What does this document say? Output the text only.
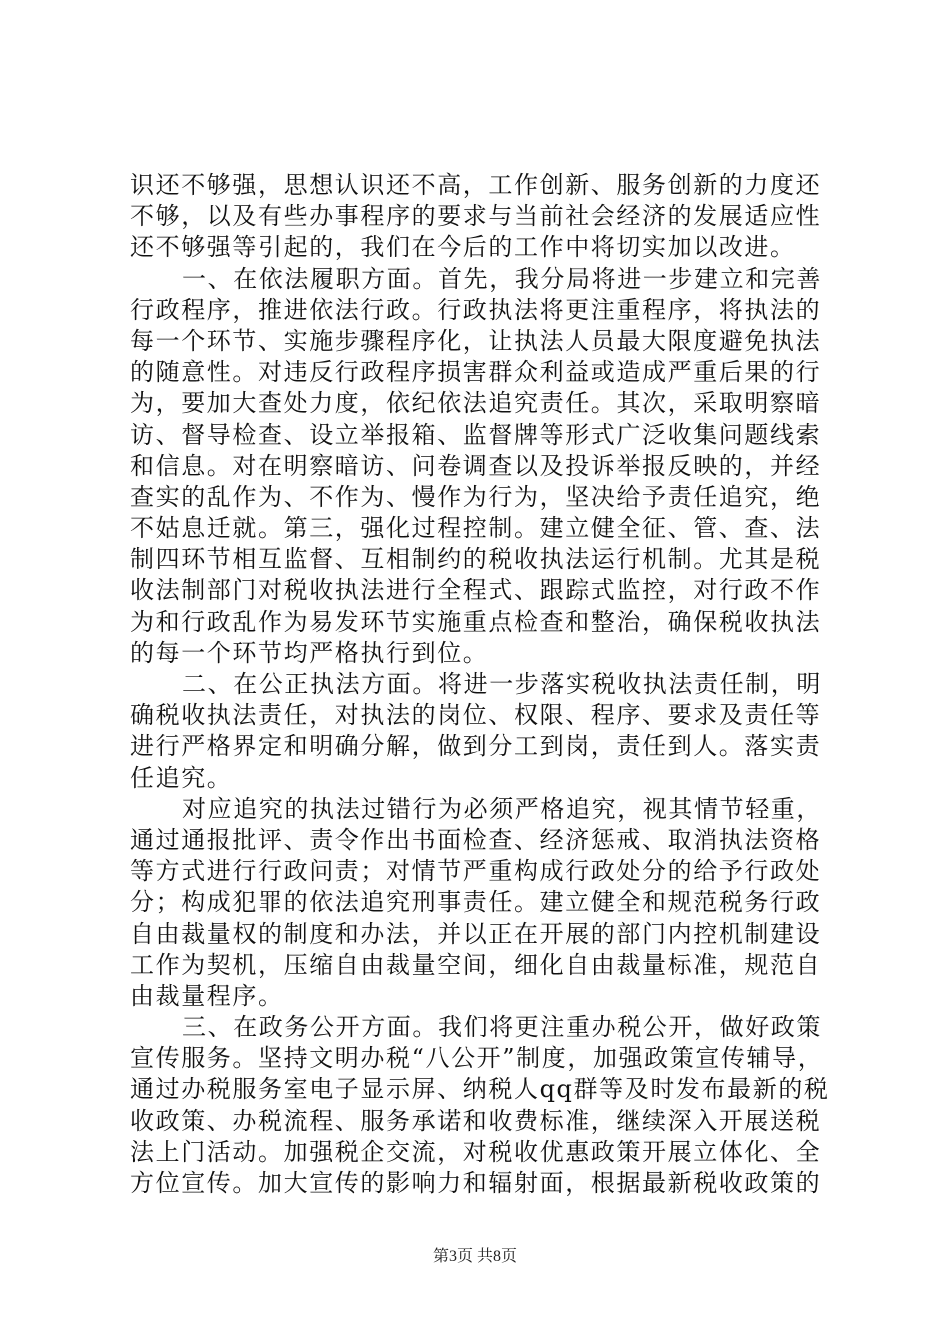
识还不够强，思想认识还不高，工作创新、服务创新的力度还
不够，以及有些办事程序的要求与当前社会经济的发展适应性
还不够强等引起的，我们在今后的工作中将切实加以改进。
一、在依法履职方面。首先，我分局将进一步建立和完善
行政程序，推进依法行政。行政执法将更注重程序，将执法的
每一个环节、实施步骤程序化，让执法人员最大限度避免执法
的随意性。对违反行政程序损害群众利益或造成严重后果的行
为，要加大查处力度，依纪依法追究责任。其次，采取明察暗
访、督导检查、设立举报箱、监督牌等形式广泛收集问题线索
和信息。对在明察暗访、问卷调查以及投诉举报反映的，并经
查实的乱作为、不作为、慢作为行为，坚决给予责任追究，绝
不姑息迁就。第三，强化过程控制。建立健全征、管、查、法
制四环节相互监督、互相制约的税收执法运行机制。尤其是税
收法制部门对税收执法进行全程式、跟踪式监控，对行政不作
为和行政乱作为易发环节实施重点检查和整治，确保税收执法
的每一个环节均严格执行到位。
二、在公正执法方面。将进一步落实税收执法责任制，明
确税收执法责任，对执法的岗位、权限、程序、要求及责任等
进行严格界定和明确分解，做到分工到岗，责任到人。落实责
任追究。
对应追究的执法过错行为必须严格追究，视其情节轻重，
通过通报批评、责令作出书面检查、经济惩戒、取消执法资格
等方式进行行政问责；对情节严重构成行政处分的给予行政处
分；构成犯罪的依法追究刑事责任。建立健全和规范税务行政
自由裁量权的制度和办法，并以正在开展的部门内控机制建设
工作为契机，压缩自由裁量空间，细化自由裁量标准，规范自
由裁量程序。
三、在政务公开方面。我们将更注重办税公开，做好政策
宣传服务。坚持文明办税“八公开”制度，加强政策宣传辅导，
通过办税服务室电子显示屏、纳税人qq群等及时发布最新的税
收政策、办税流程、服务承诺和收费标准，继续深入开展送税
法上门活动。加强税企交流，对税收优惠政策开展立体化、全
方位宣传。加大宣传的影响力和辐射面，根据最新税收政策的
第3页 共8页
